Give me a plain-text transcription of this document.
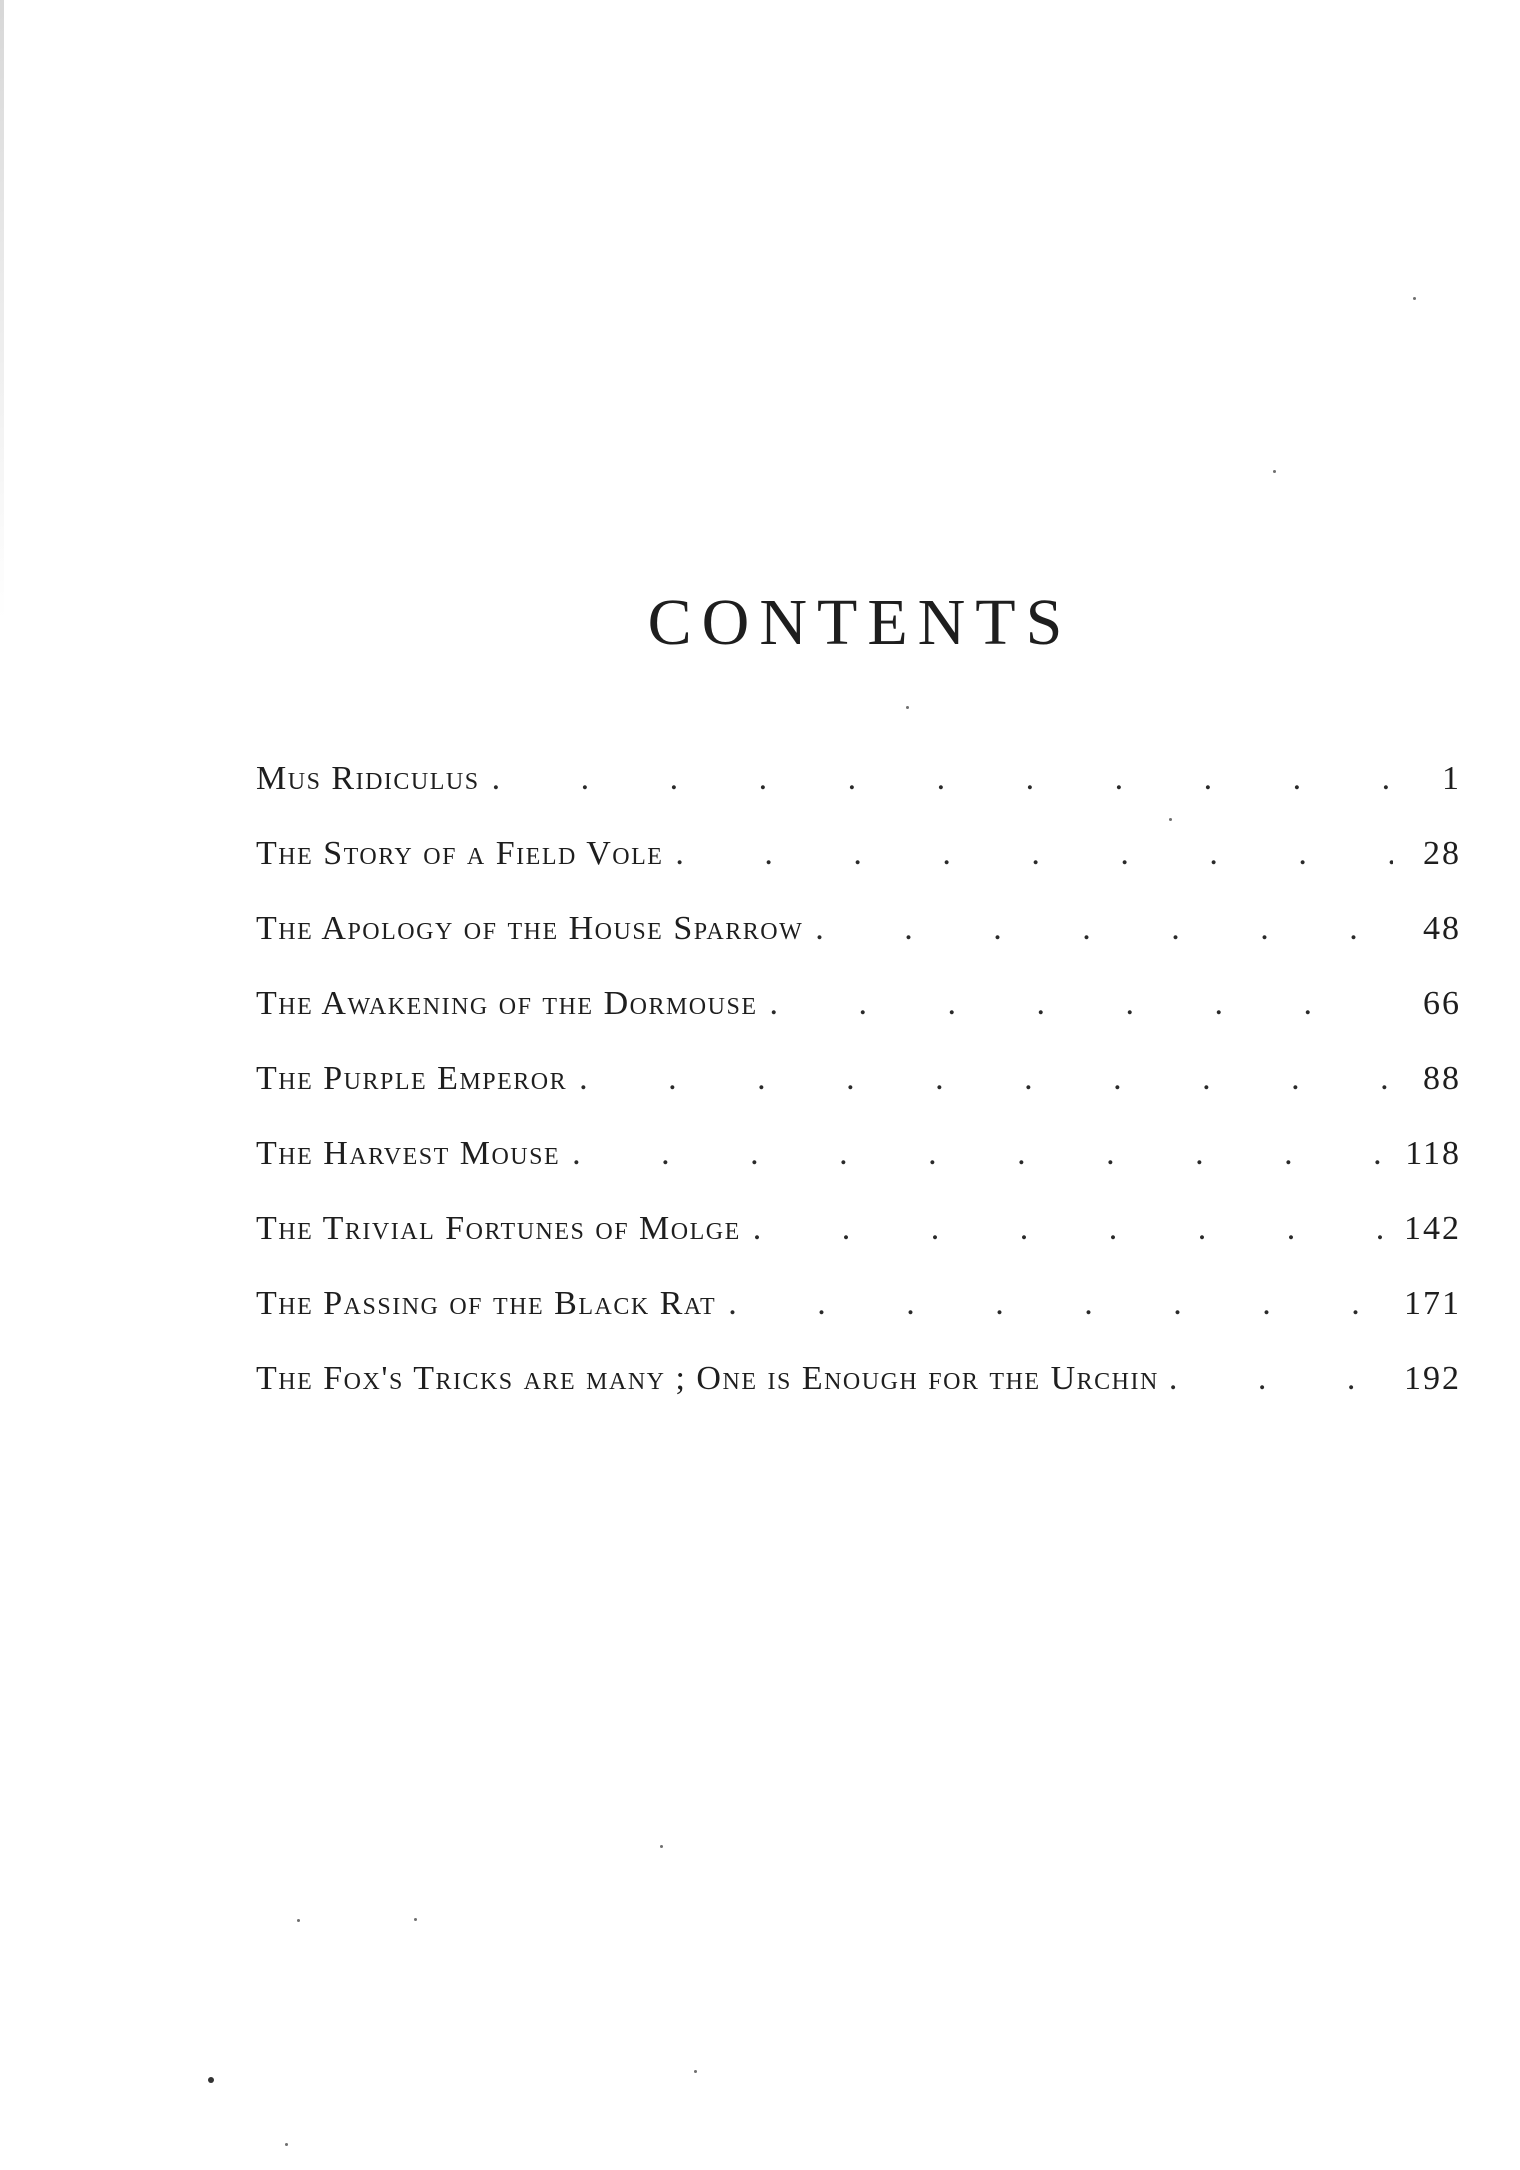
CONTENTS
Mus Ridiculus . . .	1
The Story of a Field Vole . . .	28
The Apology of the House Sparrow . . .	48
The Awakening of the Dormouse . . .	66
The Purple Emperor . . .	88
The Harvest Mouse . . .	118
The Trivial Fortunes of Molge . . .	142
The Passing of the Black Rat . . .	171
The Fox's Tricks are many ; One is Enough for the Urchin . . .	192
